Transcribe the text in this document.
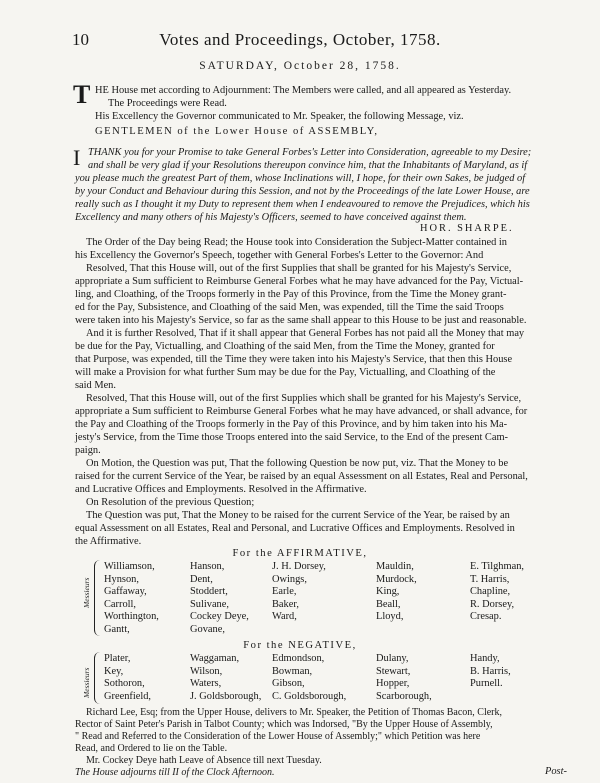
10	Votes and Proceedings, October, 1758.
SATURDAY, October 28, 1758.
T HE House met according to Adjournment: The Members were called, and all appeared as Yesterday.
The Proceedings were Read.
His Excellency the Governor communicated to Mr. Speaker, the following Message, viz.
GENTLEMEN of the Lower House of ASSEMBLY,
I THANK you for your Promise to take General Forbes's Letter into Consideration, agreeable to my Desire;
and shall be very glad if your Resolutions thereupon convince him, that the Inhabitants of Maryland, as if
you please much the greatest Part of them, whose Inclinations will, I hope, for their own Sakes, be judged of
by your Conduct and Behaviour during this Session, and not by the Proceedings of the late Lower House, are
really such as I thought it my Duty to represent them when I endeavoured to remove the Prejudices, which his
Excellency and many others of his Majesty's Officers, seemed to have conceived against them.
HOR. SHARPE.
The Order of the Day being Read; the House took into Consideration the Subject-Matter contained in
his Excellency the Governor's Speech, together with General Forbes's Letter to the Governor: And
Resolved, That this House will, out of the first Supplies that shall be granted for his Majesty's Service,
appropriate a Sum sufficient to Reimburse General Forbes what he may have advanced for the Pay, Victual-
ling, and Cloathing, of the Troops formerly in the Pay of this Province, from the Time the Money grant-
ed for the Pay, Subsistence, and Cloathing of the said Men, was expended, till the Time the said Troops
were taken into his Majesty's Service, so far as the same shall appear to this House to be just and reasonable.
And it is further Resolved, That if it shall appear that General Forbes has not paid all the Money that may
be due for the Pay, Victualling, and Cloathing of the said Men, from the Time the Money, granted for
that Purpose, was expended, till the Time they were taken into his Majesty's Service, that then this House
will make a Provision for what further Sum may be due for the Pay, Victualling, and Cloathing of the
said Men.
Resolved, That this House will, out of the first Supplies which shall be granted for his Majesty's Service,
appropriate a Sum sufficient to Reimburse General Forbes what he may have advanced, or shall advance, for
the Pay and Cloathing of the Troops formerly in the Pay of this Province, and by him taken into his Ma-
jesty's Service, from the Time those Troops entered into the said Service, to the End of the present Cam-
paign.
On Motion, the Question was put, That the following Question be now put, viz. That the Money to be
raised for the current Service of the Year, be raised by an equal Assessment on all Estates, Real and Personal,
and Lucrative Offices and Employments. Resolved in the Affirmative.
On Resolution of the previous Question;
The Question was put, That the Money to be raised for the current Service of the Year, be raised by an
equal Assessment on all Estates, Real and Personal, and Lucrative Offices and Employments. Resolved in
the Affirmative.
For the AFFIRMATIVE,
Messieurs
Williamson,
Hynson,
Gaffaway,
Carroll,
Worthington,
Gantt,
Hanson,
Dent,
Stoddert,
Sulivane,
Cockey Deye,
Govane,
J. H. Dorsey,
Owings,
Earle,
Baker,
Ward,
Mauldin,
Murdock,
King,
Beall,
Lloyd,
E. Tilghman,
T. Harris,
Chapline,
R. Dorsey,
Cresap.
For the NEGATIVE,
Messieurs
Plater,
Key,
Sothoron,
Greenfield,
Waggaman,
Wilson,
Waters,
J. Goldsborough,
Edmondson,
Bowman,
Gibson,
C. Goldsborough,
Dulany,
Stewart,
Hopper,
Scarborough,
Handy,
B. Harris,
Purnell.
Richard Lee, Esq; from the Upper House, delivers to Mr. Speaker, the Petition of Thomas Bacon, Clerk,
Rector of Saint Peter's Parish in Talbot County; which was Indorsed, "By the Upper House of Assembly,
" Read and Referred to the Consideration of the Lower House of Assembly;" which Petition was here
Read, and Ordered to lie on the Table.
Mr. Cockey Deye hath Leave of Absence till next Tuesday.
The House adjourns till II of the Clock Afternoon.	Post-
